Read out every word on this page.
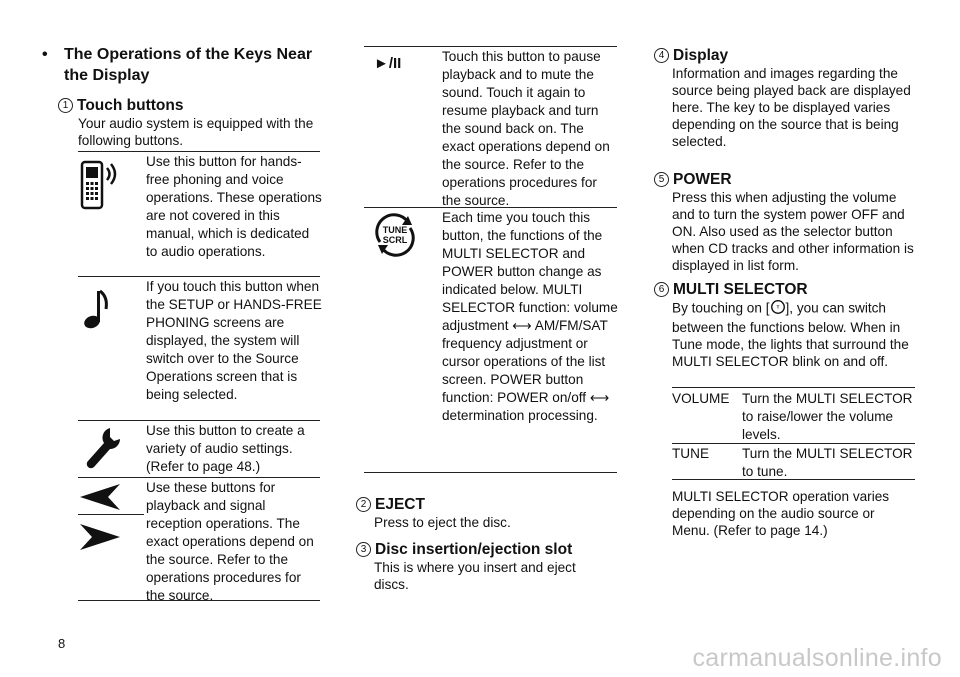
• The Operations of the Keys Near the Display
1 Touch buttons
Your audio system is equipped with the following buttons.
Use this button for hands-free phoning and voice operations. These operations are not covered in this manual, which is dedicated to audio operations.
If you touch this button when the SETUP or HANDS-FREE PHONING screens are displayed, the system will switch over to the Source Operations screen that is being selected.
Use this button to create a variety of audio settings. (Refer to page 48.)
Use these buttons for playback and signal reception operations. The exact operations depend on the source. Refer to the operations procedures for the source.
►/II	Touch this button to pause playback and to mute the sound. Touch it again to resume playback and turn the sound back on. The exact operations depend on the source. Refer to the operations procedures for the source.
TUNE
SCRL
Each time you touch this button, the functions of the MULTI SELECTOR and POWER button change as indicated below. MULTI SELECTOR function: volume adjustment ⟷ AM/FM/SAT frequency adjustment or cursor operations of the list screen. POWER button function: POWER on/off ⟷ determination processing.
2 EJECT
Press to eject the disc.
3 Disc insertion/ejection slot
This is where you insert and eject discs.
4 Display
Information and images regarding the source being played back are displayed here. The key to be displayed varies depending on the source that is being selected.
5 POWER
Press this when adjusting the volume and to turn the system power OFF and ON. Also used as the selector button when CD tracks and other information is displayed in list form.
6 MULTI SELECTOR
By touching on [ T ], you can switch between the functions below. When in Tune mode, the lights that surround the MULTI SELECTOR blink on and off.
VOLUME Turn the MULTI SELECTOR to raise/lower the volume levels.
TUNE Turn the MULTI SELECTOR to tune.
MULTI SELECTOR operation varies depending on the audio source or Menu. (Refer to page 14.)
8
carmanualsonline.info
